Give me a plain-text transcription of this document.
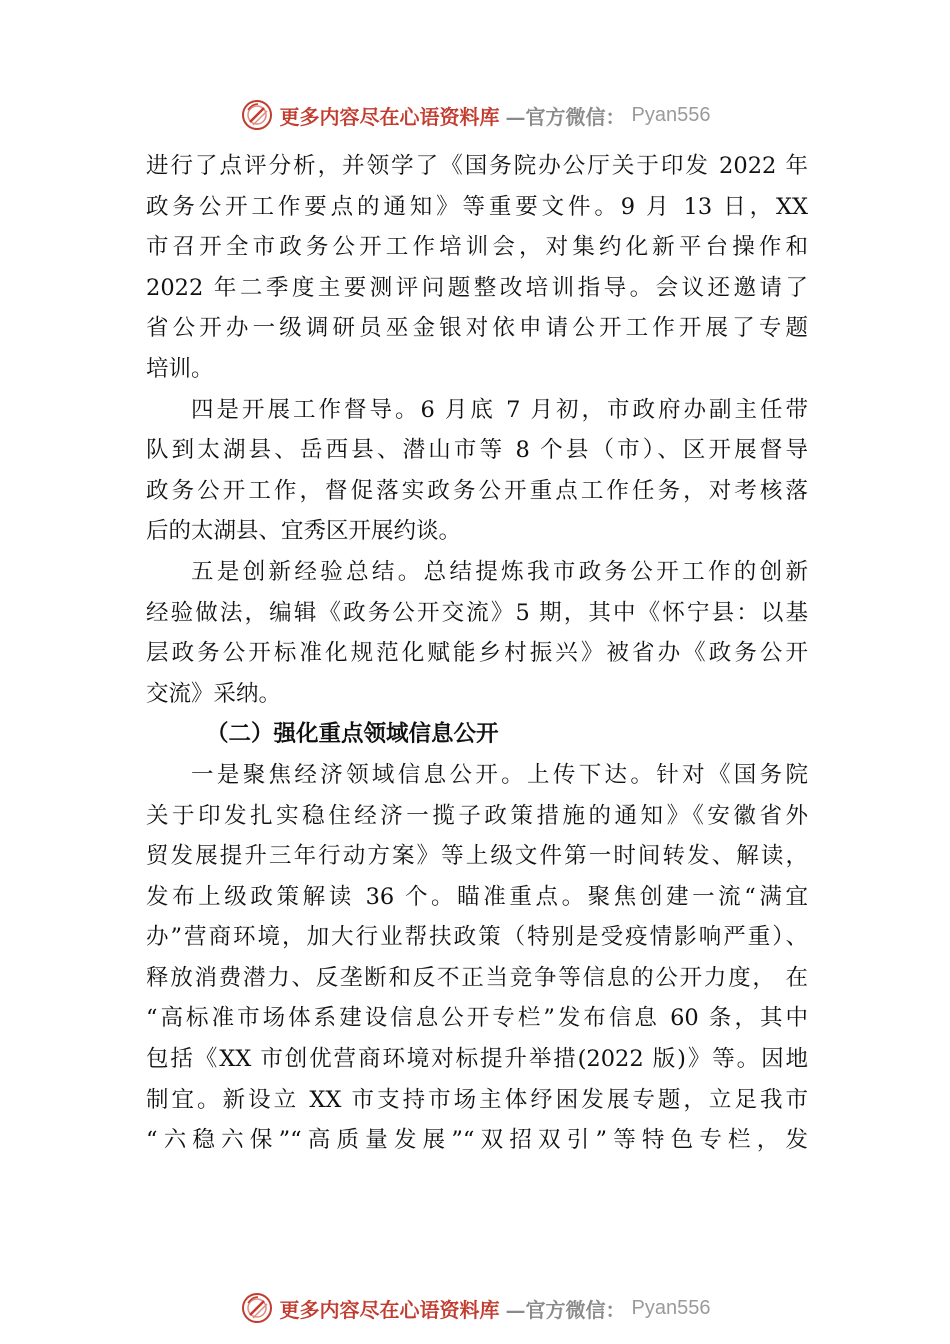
更多内容尽在心语资料库 —官方微信： Pyan556
进行了点评分析，并领学了《国务院办公厅关于印发 2022 年
政务公开工作要点的通知》等重要文件。9 月 13 日，XX
市召开全市政务公开工作培训会，对集约化新平台操作和
2022 年二季度主要测评问题整改培训指导。会议还邀请了
省公开办一级调研员巫金银对依申请公开工作开展了专题
培训。
四是开展工作督导。6 月底 7 月初，市政府办副主任带
队到太湖县、岳西县、潜山市等 8 个县（市）、区开展督导
政务公开工作，督促落实政务公开重点工作任务，对考核落
后的太湖县、宜秀区开展约谈。
五是创新经验总结。总结提炼我市政务公开工作的创新
经验做法，编辑《政务公开交流》5 期，其中《怀宁县：以基
层政务公开标准化规范化赋能乡村振兴》被省办《政务公开
交流》采纳。
（二）强化重点领域信息公开
一是聚焦经济领域信息公开。上传下达。针对《国务院
关于印发扎实稳住经济一揽子政策措施的通知》《安徽省外
贸发展提升三年行动方案》等上级文件第一时间转发、解读，
发布上级政策解读 36 个。瞄准重点。聚焦创建一流“满宜
办”营商环境，加大行业帮扶政策（特别是受疫情影响严重）、
释放消费潜力、反垄断和反不正当竞争等信息的公开力度， 在
“高标准市场体系建设信息公开专栏”发布信息 60 条，其中
包括《XX 市创优营商环境对标提升举措(2022 版)》等。因地
制宜。新设立 XX 市支持市场主体纾困发展专题，立足我市
“六稳六保”“高质量发展”“双招双引”等特色专栏，发
更多内容尽在心语资料库 —官方微信： Pyan556
